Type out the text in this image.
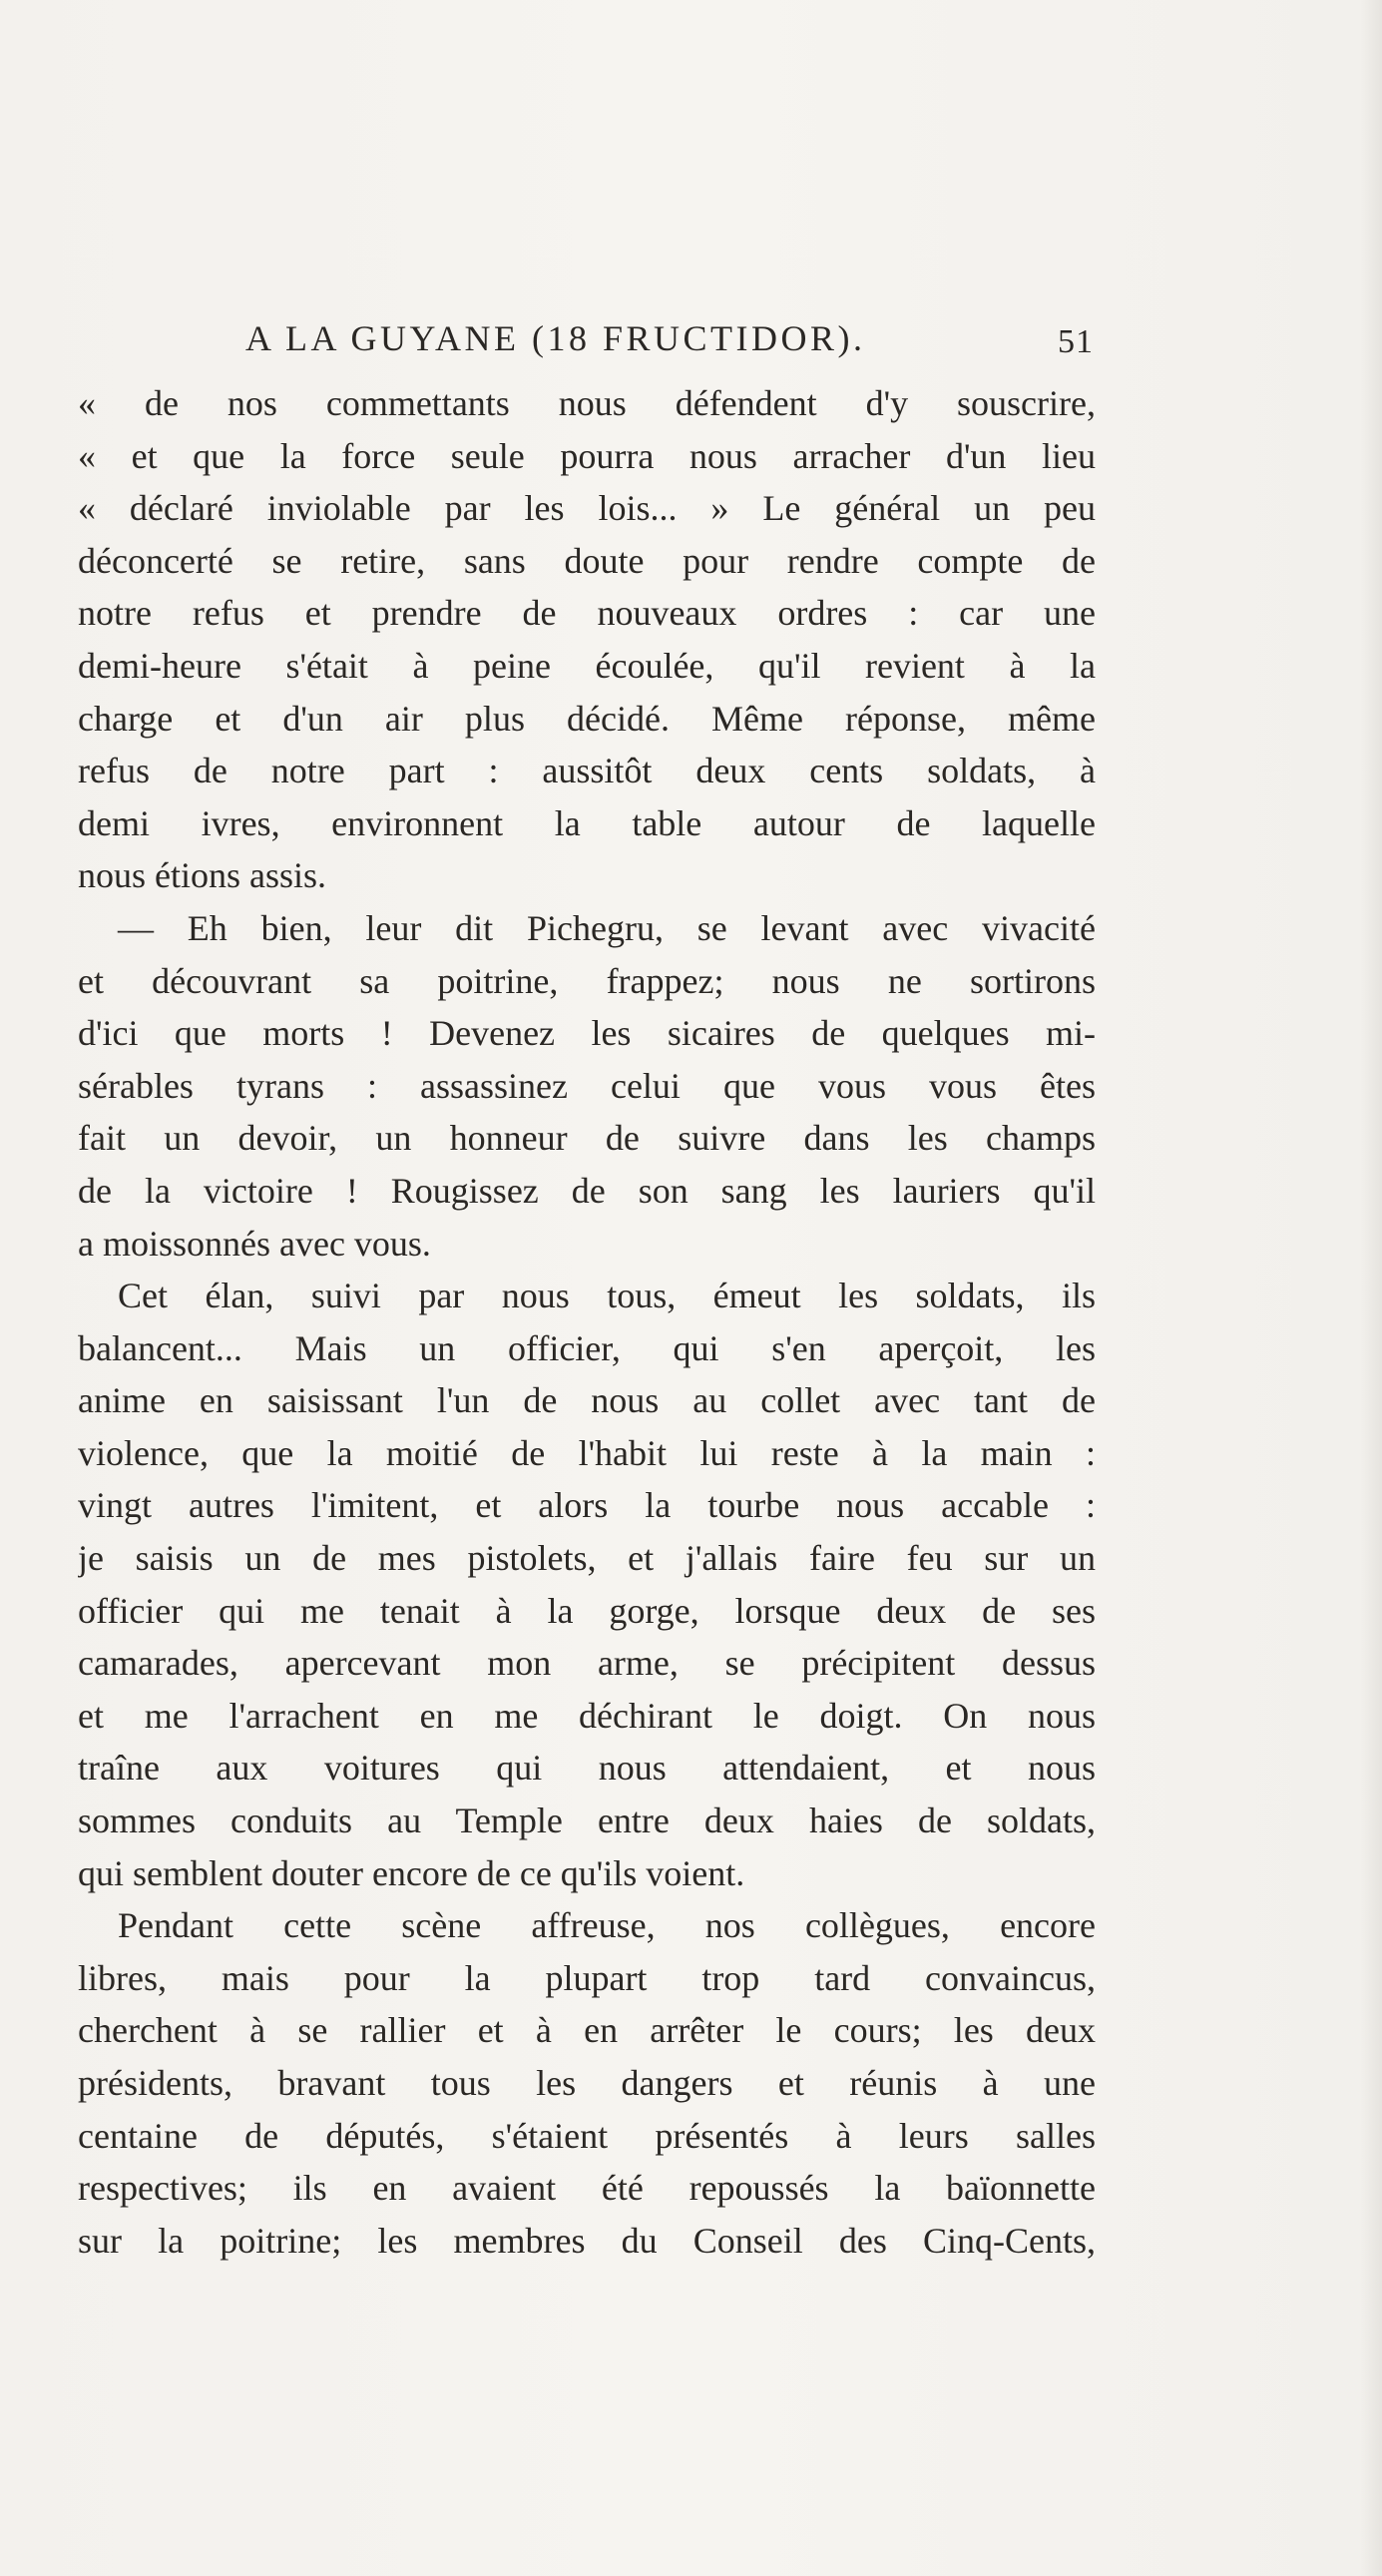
A LA GUYANE (18 FRUCTIDOR).	51
« de nos commettants nous défendent d'y souscrire,
« et que la force seule pourra nous arracher d'un lieu
« déclaré inviolable par les lois... » Le général un peu
déconcerté se retire, sans doute pour rendre compte de
notre refus et prendre de nouveaux ordres : car une
demi-heure s'était à peine écoulée, qu'il revient à la
charge et d'un air plus décidé. Même réponse, même
refus de notre part : aussitôt deux cents soldats, à
demi ivres, environnent la table autour de laquelle
nous étions assis.
— Eh bien, leur dit Pichegru, se levant avec vivacité
et découvrant sa poitrine, frappez; nous ne sortirons
d'ici que morts ! Devenez les sicaires de quelques mi-
sérables tyrans : assassinez celui que vous vous êtes
fait un devoir, un honneur de suivre dans les champs
de la victoire ! Rougissez de son sang les lauriers qu'il
a moissonnés avec vous.
Cet élan, suivi par nous tous, émeut les soldats, ils
balancent... Mais un officier, qui s'en aperçoit, les
anime en saisissant l'un de nous au collet avec tant de
violence, que la moitié de l'habit lui reste à la main :
vingt autres l'imitent, et alors la tourbe nous accable :
je saisis un de mes pistolets, et j'allais faire feu sur un
officier qui me tenait à la gorge, lorsque deux de ses
camarades, apercevant mon arme, se précipitent dessus
et me l'arrachent en me déchirant le doigt. On nous
traîne aux voitures qui nous attendaient, et nous
sommes conduits au Temple entre deux haies de soldats,
qui semblent douter encore de ce qu'ils voient.
Pendant cette scène affreuse, nos collègues, encore
libres, mais pour la plupart trop tard convaincus,
cherchent à se rallier et à en arrêter le cours; les deux
présidents, bravant tous les dangers et réunis à une
centaine de députés, s'étaient présentés à leurs salles
respectives; ils en avaient été repoussés la baïonnette
sur la poitrine; les membres du Conseil des Cinq-Cents,
